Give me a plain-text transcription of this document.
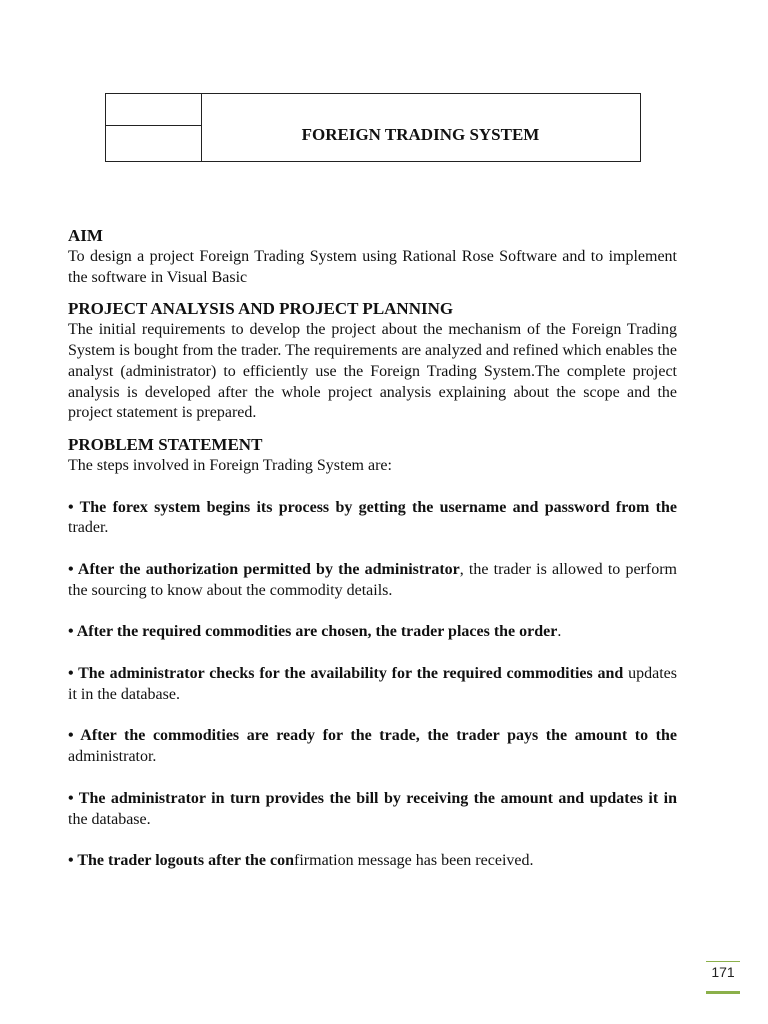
FOREIGN TRADING SYSTEM

AIM

To design a project Foreign Trading System using Rational Rose Software and to implement the software in Visual Basic

PROJECT ANALYSIS AND PROJECT PLANNING

The initial requirements to develop the project about the mechanism of the Foreign Trading System is bought from the trader. The requirements are analyzed and refined which enables the analyst (administrator) to efficiently use the Foreign Trading System.The complete project analysis is developed after the whole project analysis explaining about the scope and the project statement is prepared.

PROBLEM STATEMENT

The steps involved in Foreign Trading System are:

• The forex system begins its process by getting the username and password from the trader.

• After the authorization permitted by the administrator, the trader is allowed to perform the sourcing to know about the commodity details.

• After the required commodities are chosen, the trader places the order.

• The administrator checks for the availability for the required commodities and updates it in the database.

• After the commodities are ready for the trade, the trader pays the amount to the administrator.

• The administrator in turn provides the bill by receiving the amount and updates it in the database.

• The trader logouts after the confirmation message has been received.

171
